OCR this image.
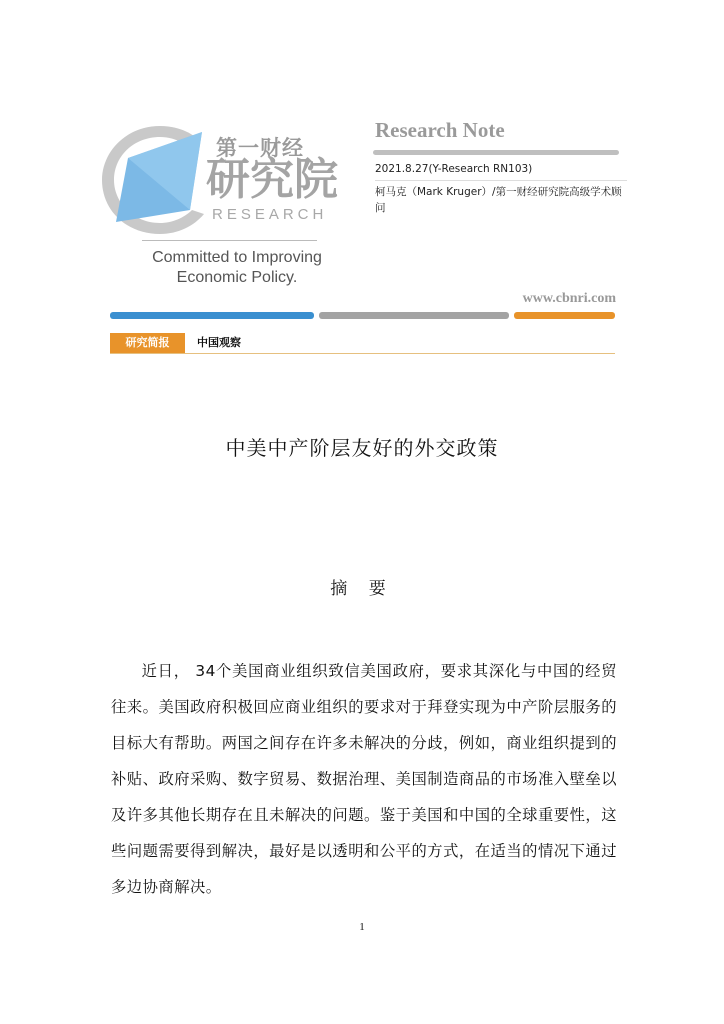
第一财经
研究院
RESEARCH
Committed to Improving
Economic Policy.
Research Note
2021.8.27(Y-Research RN103)
柯马克（Mark Kruger）/第一财经研究院高级学术顾问
www.cbnri.com
研究简报	中国观察
中美中产阶层友好的外交政策
摘 要
近日， 34个美国商业组织致信美国政府，要求其深化与中国的经贸往来。美国政府积极回应商业组织的要求对于拜登实现为中产阶层服务的目标大有帮助。两国之间存在许多未解决的分歧，例如，商业组织提到的补贴、政府采购、数字贸易、数据治理、美国制造商品的市场准入壁垒以及许多其他长期存在且未解决的问题。鉴于美国和中国的全球重要性，这些问题需要得到解决，最好是以透明和公平的方式，在适当的情况下通过多边协商解决。
1
